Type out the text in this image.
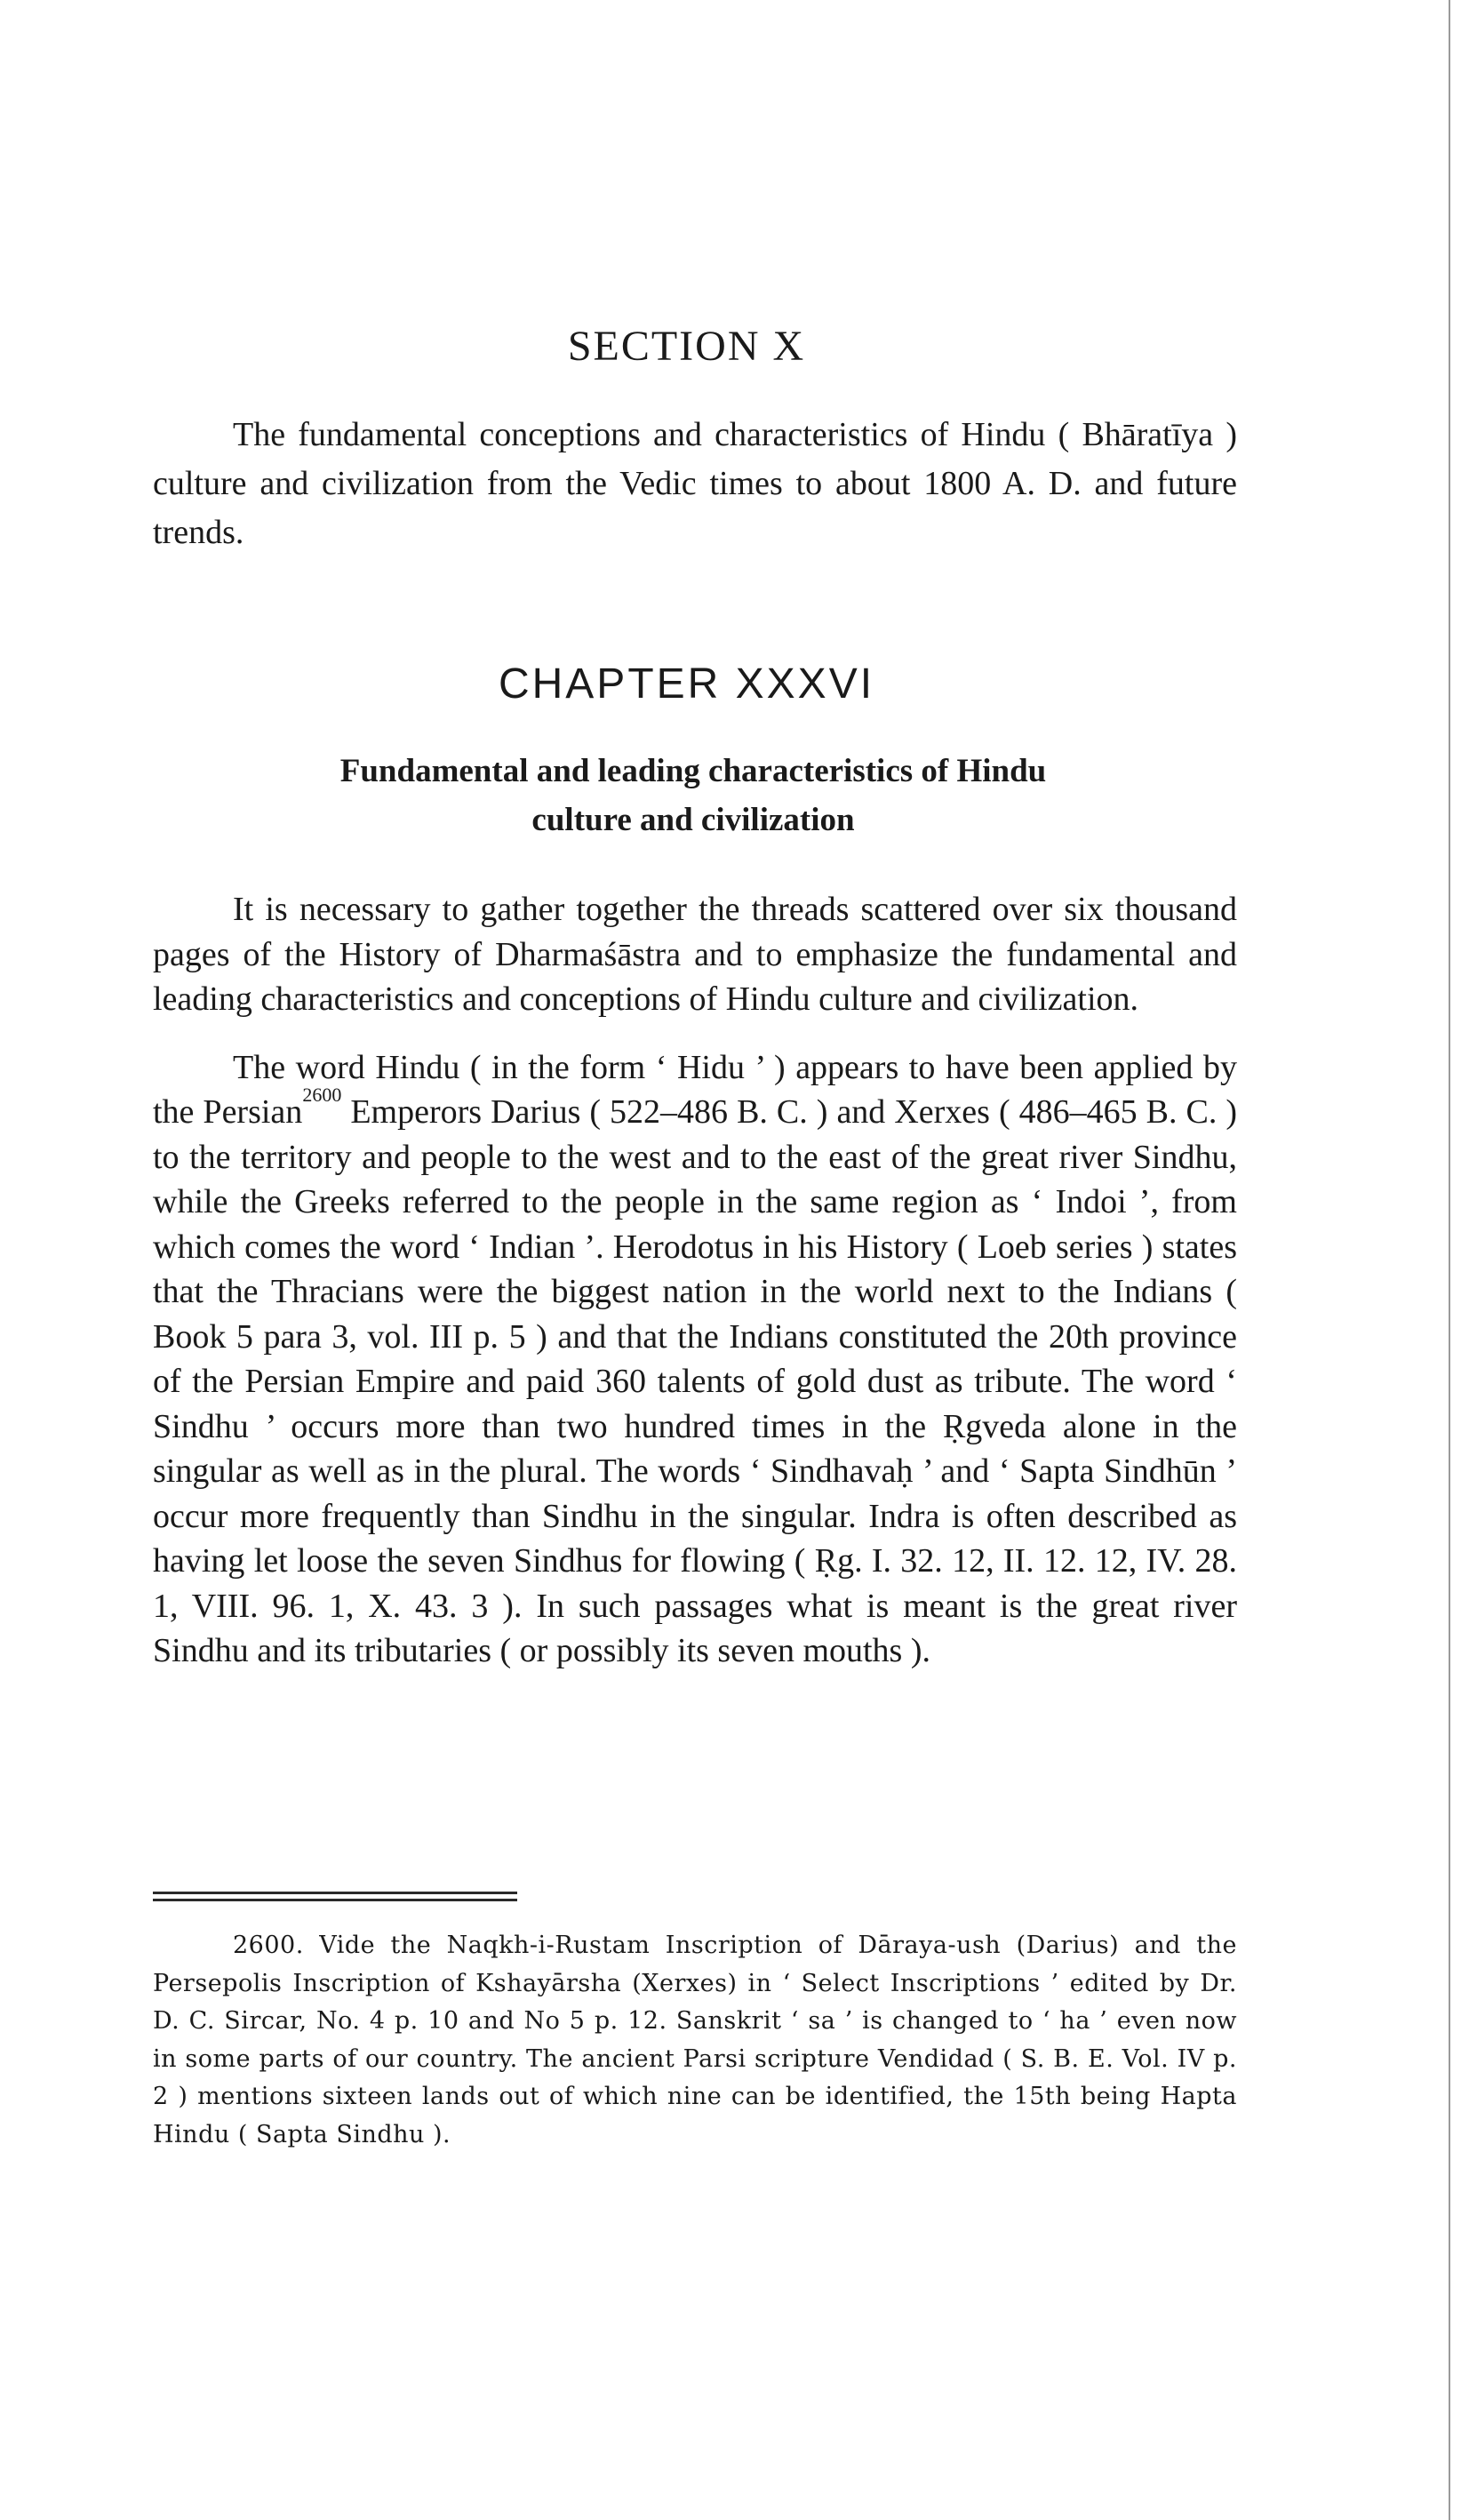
SECTION X
The fundamental conceptions and characteristics of Hindu ( Bhāratīya ) culture and civilization from the Vedic times to about 1800 A. D. and future trends.
CHAPTER XXXVI
Fundamental and leading characteristics of Hindu
culture and civilization

It is necessary to gather together the threads scattered over six thousand pages of the History of Dharmaśāstra and to emphasize the fundamental and leading characteristics and conceptions of Hindu culture and civilization.

The word Hindu ( in the form ‘ Hidu ’ ) appears to have been applied by the Persian$^{2600}$ Emperors Darius ( 522–486 B. C. ) and Xerxes ( 486–465 B. C. ) to the territory and people to the west and to the east of the great river Sindhu, while the Greeks referred to the people in the same region as ‘ Indoi ’, from which comes the word ‘ Indian ’. Herodotus in his History ( Loeb series ) states that the Thracians were the biggest nation in the world next to the Indians ( Book 5 para 3, vol. III p. 5 ) and that the Indians constituted the 20th province of the Persian Empire and paid 360 talents of gold dust as tribute. The word ‘ Sindhu ’ occurs more than two hundred times in the Ṛgveda alone in the singular as well as in the plural. The words ‘ Sindhavaḥ ’ and ‘ Sapta Sindhūn ’ occur more frequently than Sindhu in the singular. Indra is often described as having let loose the seven Sindhus for flowing ( Ṛg. I. 32. 12, II. 12. 12, IV. 28. 1, VIII. 96. 1, X. 43. 3 ). In such passages what is meant is the great river Sindhu and its tributaries ( or possibly its seven mouths ).

2600. Vide the Naqkh-i-Rustam Inscription of Dārayа-ush (Darius) and the Persepolis Inscription of Kshayārsha (Xerxes) in ‘ Select Inscriptions ’ edited by Dr. D. C. Sircar, No. 4 p. 10 and No 5 p. 12. Sanskrit ‘ sa ’ is changed to ‘ ha ’ even now in some parts of our country. The ancient Parsi scripture Vendidad ( S. B. E. Vol. IV p. 2 ) mentions sixteen lands out of which nine can be identified, the 15th being Hapta Hindu ( Sapta Sindhu ).
